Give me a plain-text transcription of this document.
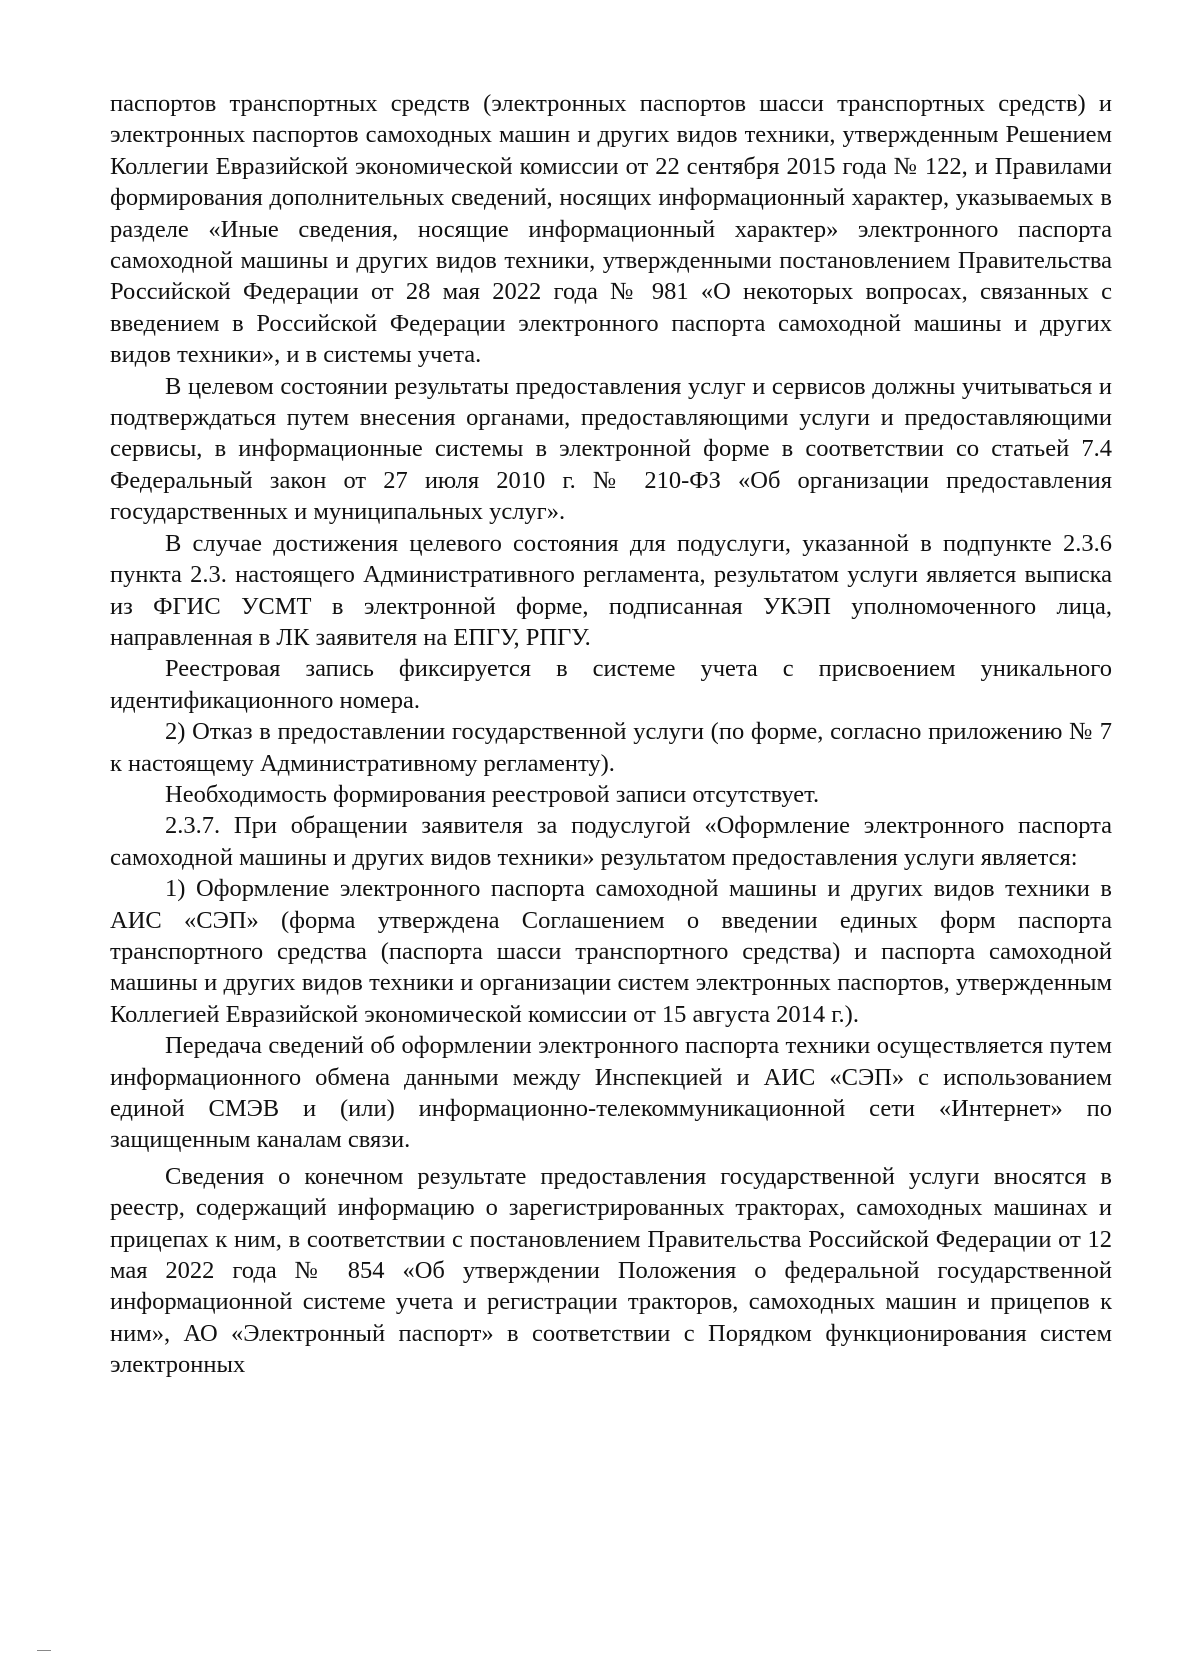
паспортов транспортных средств (электронных паспортов шасси транспортных средств) и электронных паспортов самоходных машин и других видов техники, утвержденным Решением Коллегии Евразийской экономической комиссии от 22 сентября 2015 года № 122, и Правилами формирования дополнительных сведений, носящих информационный характер, указываемых в разделе «Иные сведения, носящие информационный характер» электронного паспорта самоходной машины и других видов техники, утвержденными постановлением Правительства Российской Федерации от 28 мая 2022 года № 981 «О некоторых вопросах, связанных с введением в Российской Федерации электронного паспорта самоходной машины и других видов техники», и в системы учета.

В целевом состоянии результаты предоставления услуг и сервисов должны учитываться и подтверждаться путем внесения органами, предоставляющими услуги и предоставляющими сервисы, в информационные системы в электронной форме в соответствии со статьей 7.4 Федеральный закон от 27 июля 2010 г. № 210-ФЗ «Об организации предоставления государственных и муниципальных услуг».

В случае достижения целевого состояния для подуслуги, указанной в подпункте 2.3.6 пункта 2.3. настоящего Административного регламента, результатом услуги является выписка из ФГИС УСМТ в электронной форме, подписанная УКЭП уполномоченного лица, направленная в ЛК заявителя на ЕПГУ, РПГУ.

Реестровая запись фиксируется в системе учета с присвоением уникального идентификационного номера.

2) Отказ в предоставлении государственной услуги (по форме, согласно приложению № 7 к настоящему Административному регламенту).

Необходимость формирования реестровой записи отсутствует.

2.3.7. При обращении заявителя за подуслугой «Оформление электронного паспорта самоходной машины и других видов техники» результатом предоставления услуги является:

1) Оформление электронного паспорта самоходной машины и других видов техники в АИС «СЭП» (форма утверждена Соглашением о введении единых форм паспорта транспортного средства (паспорта шасси транспортного средства) и паспорта самоходной машины и других видов техники и организации систем электронных паспортов, утвержденным Коллегией Евразийской экономической комиссии от 15 августа 2014 г.).

Передача сведений об оформлении электронного паспорта техники осуществляется путем информационного обмена данными между Инспекцией и АИС «СЭП» с использованием единой СМЭВ и (или) информационно-телекоммуникационной сети «Интернет» по защищенным каналам связи.

Сведения о конечном результате предоставления государственной услуги вносятся в реестр, содержащий информацию о зарегистрированных тракторах, самоходных машинах и прицепах к ним, в соответствии с постановлением Правительства Российской Федерации от 12 мая 2022 года № 854 «Об утверждении Положения о федеральной государственной информационной системе учета и регистрации тракторов, самоходных машин и прицепов к ним», АО «Электронный паспорт» в соответствии с Порядком функционирования систем электронных
